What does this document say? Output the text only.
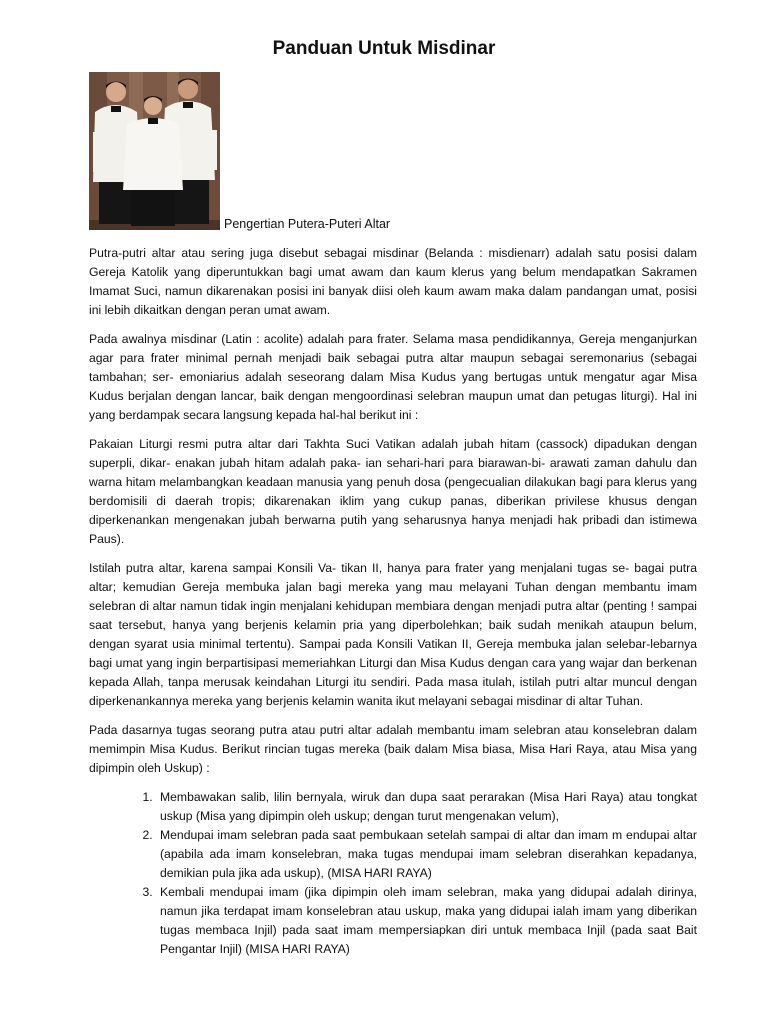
Panduan Untuk Misdinar
Pengertian Putera-Puteri Altar

Putra-putri altar atau sering juga disebut sebagai misdinar (Belanda : misdienarr) adalah satu posisi dalam Gereja Katolik yang diperuntukkan bagi umat awam dan kaum klerus yang belum mendapatkan Sakramen Imamat Suci, namun dikarenakan posisi ini banyak diisi oleh kaum awam maka dalam pandangan umat, posisi ini lebih dikaitkan dengan peran umat awam.

Pada awalnya misdinar (Latin : acolite) adalah para frater. Selama masa pendidikannya, Gereja menganjurkan agar para frater minimal pernah menjadi baik sebagai putra altar maupun sebagai seremonarius (sebagai tambahan; ser- emoniarius adalah seseorang dalam Misa Kudus yang bertugas untuk mengatur agar Misa Kudus berjalan dengan lancar, baik dengan mengoordinasi selebran maupun umat dan petugas liturgi). Hal ini yang berdampak secara langsung kepada hal-hal berikut ini :

Pakaian Liturgi resmi putra altar dari Takhta Suci Vatikan adalah jubah hitam (cassock) dipadukan dengan superpli, dikar- enakan jubah hitam adalah paka- ian sehari-hari para biarawan-bi- arawati zaman dahulu dan warna hitam melambangkan keadaan manusia yang penuh dosa (pengecualian dilakukan bagi para klerus yang berdomisili di daerah tropis; dikarenakan iklim yang cukup panas, diberikan privilese khusus dengan diperkenankan mengenakan jubah berwarna putih yang seharusnya hanya menjadi hak pribadi dan istimewa Paus).

Istilah putra altar, karena sampai Konsili Va- tikan II, hanya para frater yang menjalani tugas se- bagai putra altar; kemudian Gereja membuka jalan bagi mereka yang mau melayani Tuhan dengan membantu imam selebran di altar namun tidak ingin menjalani kehidupan membiara dengan menjadi putra altar (penting ! sampai saat tersebut, hanya yang berjenis kelamin pria yang diperbolehkan; baik sudah menikah ataupun belum, dengan syarat usia minimal tertentu). Sampai pada Konsili Vatikan II, Gereja membuka jalan selebar-lebarnya bagi umat yang ingin berpartisipasi memeriahkan Liturgi dan Misa Kudus dengan cara yang wajar dan berkenan kepada Allah, tanpa merusak keindahan Liturgi itu sendiri. Pada masa itulah, istilah putri altar muncul dengan diperkenankannya mereka yang berjenis kelamin wanita ikut melayani sebagai misdinar di altar Tuhan.

Pada dasarnya tugas seorang putra atau putri altar adalah membantu imam selebran atau konselebran dalam memimpin Misa Kudus. Berikut rincian tugas mereka (baik dalam Misa biasa, Misa Hari Raya, atau Misa yang dipimpin oleh Uskup) :

1. Membawakan salib, lilin bernyala, wiruk dan dupa saat perarakan (Misa Hari Raya) atau tongkat uskup (Misa yang dipimpin oleh uskup; dengan turut mengenakan velum),
2. Mendupai imam selebran pada saat pembukaan setelah sampai di altar dan imam m endupai altar (apabila ada imam konselebran, maka tugas mendupai imam selebran diserahkan kepadanya, demikian pula jika ada uskup), (MISA HARI RAYA)
3. Kembali mendupai imam (jika dipimpin oleh imam selebran, maka yang didupai adalah dirinya, namun jika terdapat imam konselebran atau uskup, maka yang didupai ialah imam yang diberikan tugas membaca Injil) pada saat imam mempersiapkan diri untuk membaca Injil (pada saat Bait Pengantar Injil) (MISA HARI RAYA)
